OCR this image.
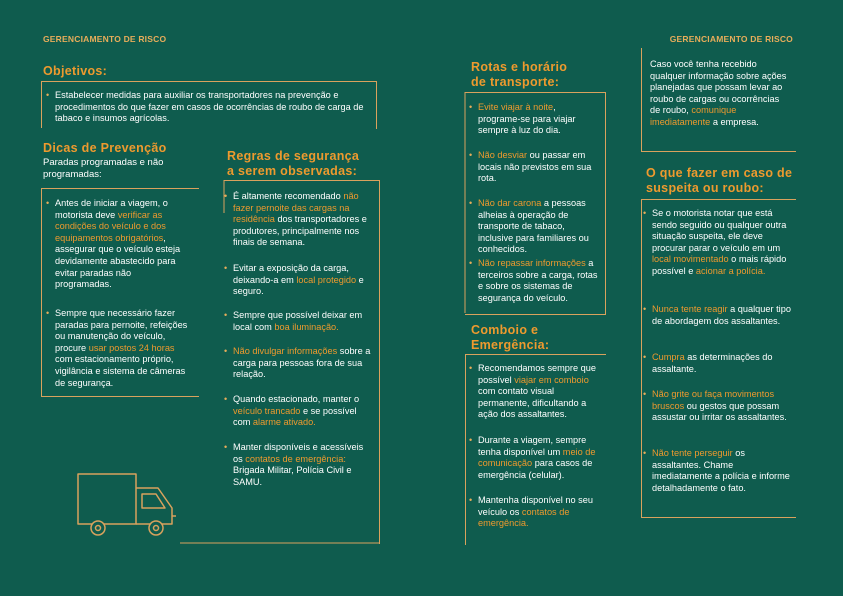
GERENCIAMENTO DE RISCO	GERENCIAMENTO DE RISCO
Objetivos:
• Estabelecer medidas para auxiliar os transportadores na prevenção e procedimentos do que fazer em casos de ocorrências de roubo de carga de tabaco e insumos agrícolas.
Dicas de Prevenção
Paradas programadas e não programadas:
• Antes de iniciar a viagem, o motorista deve verificar as condições do veículo e dos equipamentos obrigatórios, assegurar que o veículo esteja devidamente abastecido para evitar paradas não programadas.
• Sempre que necessário fazer paradas para pernoite, refeições ou manutenção do veículo, procure usar postos 24 horas com estacionamento próprio, vigilância e sistema de câmeras de segurança.
Regras de segurança a serem observadas:
• É altamente recomendado não fazer pernoite das cargas na residência dos transportadores e produtores, principalmente nos finais de semana.
• Evitar a exposição da carga, deixando-a em local protegido e seguro.
• Sempre que possível deixar em local com boa iluminação.
• Não divulgar informações sobre a carga para pessoas fora de sua relação.
• Quando estacionado, manter o veículo trancado e se possível com alarme ativado.
• Manter disponíveis e acessíveis os contatos de emergência: Brigada Militar, Polícia Civil e SAMU.
Rotas e horário de transporte:
• Evite viajar à noite, programe-se para viajar sempre à luz do dia.
• Não desviar ou passar em locais não previstos em sua rota.
• Não dar carona a pessoas alheias à operação de transporte de tabaco, inclusive para familiares ou conhecidos.
• Não repassar informações a terceiros sobre a carga, rotas e sobre os sistemas de segurança do veículo.
Comboio e Emergência:
• Recomendamos sempre que possível viajar em comboio com contato visual permanente, dificultando a ação dos assaltantes.
• Durante a viagem, sempre tenha disponível um meio de comunicação para casos de emergência (celular).
• Mantenha disponível no seu veículo os contatos de emergência.
Caso você tenha recebido qualquer informação sobre ações planejadas que possam levar ao roubo de cargas ou ocorrências de roubo, comunique imediatamente a empresa.
O que fazer em caso de suspeita ou roubo:
• Se o motorista notar que está sendo seguido ou qualquer outra situação suspeita, ele deve procurar parar o veículo em um local movimentado o mais rápido possível e acionar a polícia.
• Nunca tente reagir a qualquer tipo de abordagem dos assaltantes.
• Cumpra as determinações do assaltante.
• Não grite ou faça movimentos bruscos ou gestos que possam assustar ou irritar os assaltantes.
• Não tente perseguir os assaltantes. Chame imediatamente a polícia e informe detalhadamente o fato.
